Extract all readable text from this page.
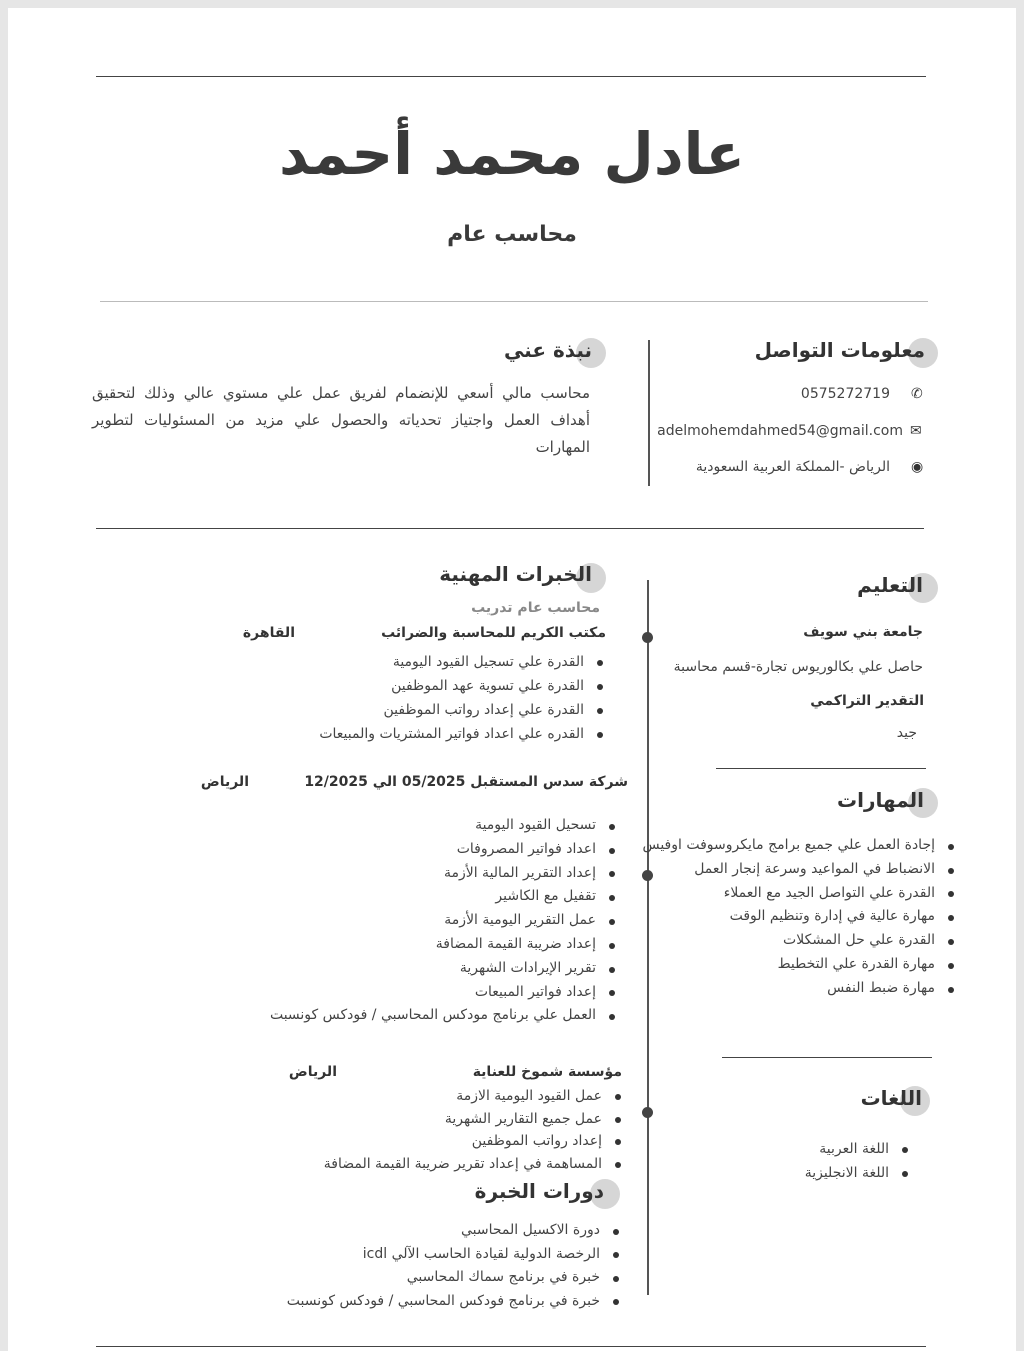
عادل محمد أحمد
محاسب عام
معلومات التواصل
✆
0575272719
✉
adelmohemdahmed54@gmail.com
◉
الرياض -المملكة العربية السعودية
نبذة عني
محاسب مالي أسعي للإنضمام لفريق عمل علي مستوي عالي وذلك لتحقيق أهداف العمل واجتياز تحدياته والحصول علي مزيد من المسئوليات لتطوير المهارات
الخبرات المهنية
محاسب عام تدريب
مكتب الكريم للمحاسبة والضرائب
القاهرة
القدرة علي تسجيل القيود اليومية
القدرة علي تسوية عهد الموظفين
القدرة علي إعداد رواتب الموظفين
القدره علي اعداد فواتير المشتريات والمبيعات
شركة سدس المستقبل 05/2025 الي 12/2025
الرياض
تسحيل القيود اليومية
اعداد فواتير المصروفات
إعداد التقرير المالية الأزمة
تقفيل مع الكاشير
عمل التقرير اليومية الأزمة
إعداد ضريبة القيمة المضافة
تقرير الإيرادات الشهرية
إعداد فواتير المبيعات
العمل علي برنامج مودكس المحاسبي / فودكس كونسبت
مؤسسة شموخ للعناية
الرياض
عمل القيود اليومية الازمة
عمل جميع التقارير الشهرية
إعداد رواتب الموظفين
المساهمة في إعداد تقرير ضريبة القيمة المضافة
دورات الخبرة
دورة الاكسيل المحاسبي
الرخصة الدولية لقيادة الحاسب الآلي icdl
خبرة في برنامج سماك المحاسبي
خبرة في برنامج فودكس المحاسبي / فودكس كونسبت
التعليم
جامعة بني سويف
حاصل علي بكالوريوس تجارة-قسم محاسبة
التقدير التراكمي
جيد
المهارات
إجادة العمل علي جميع برامج مايكروسوفت اوفيس
الانضباط في المواعيد وسرعة إنجار العمل
القدرة علي التواصل الجيد مع العملاء
مهارة عالية في إدارة وتنظيم الوقت
القدرة علي حل المشكلات
مهارة القدرة علي التخطيط
مهارة ضبط النفس
اللغات
اللغة العربية
اللغة الانجليزية
